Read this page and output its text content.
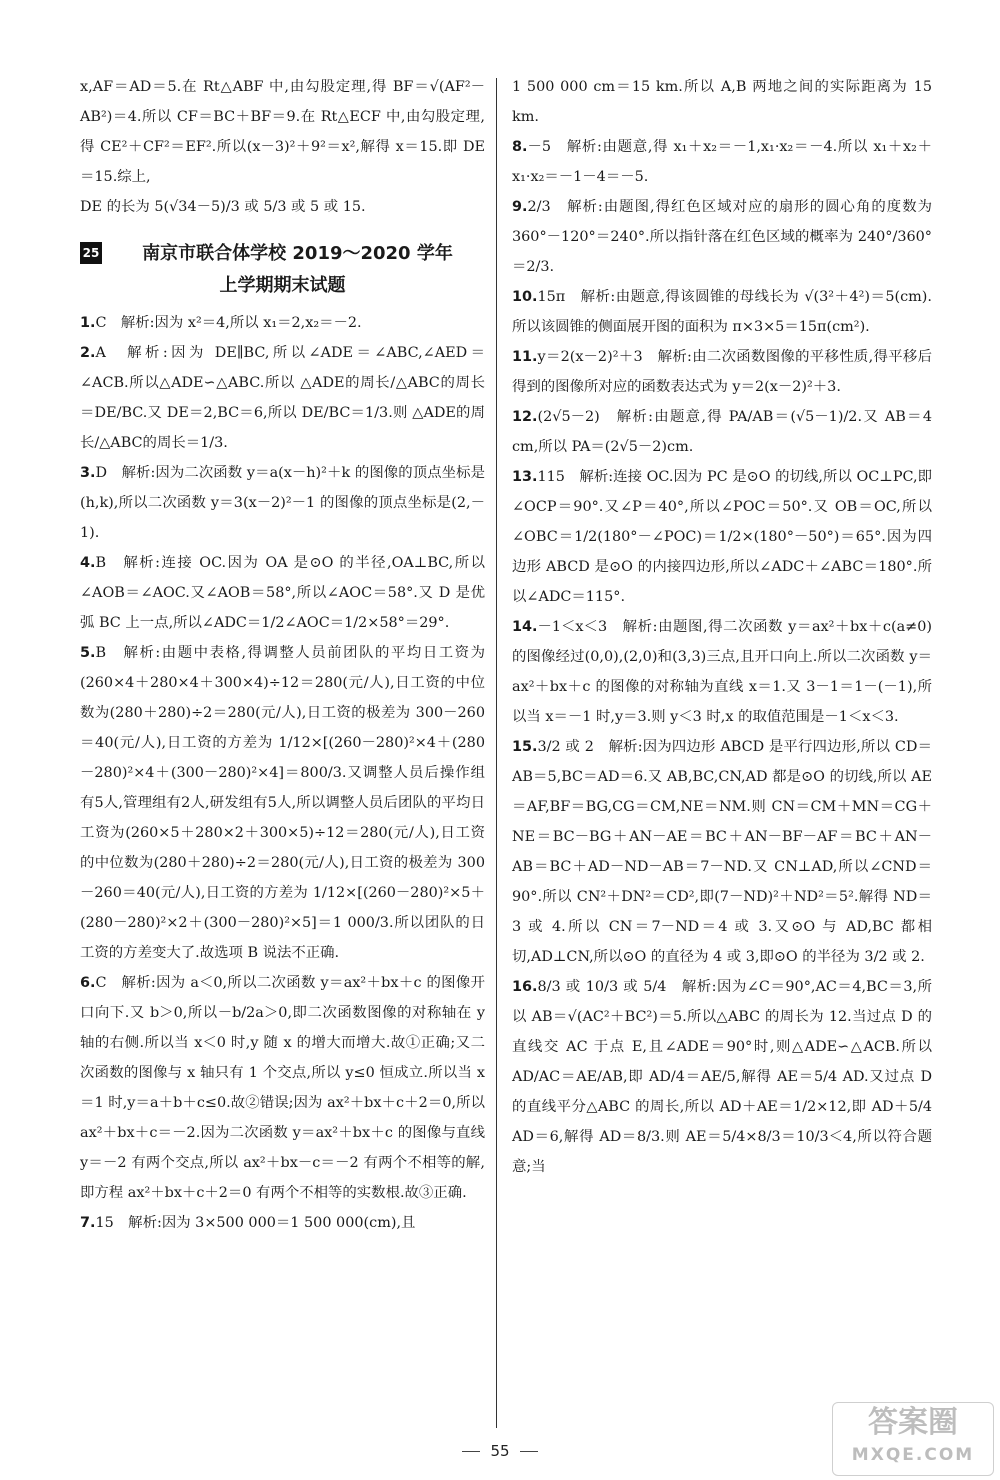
x,AF＝AD＝5.在 Rt△ABF 中,由勾股定理,得 BF＝√(AF²－AB²)＝4.所以 CF＝BC＋BF＝9.在 Rt△ECF 中,由勾股定理,得 CE²＋CF²＝EF².所以(x－3)²＋9²＝x²,解得 x＝15.即 DE＝15.综上,

DE 的长为 5(√34－5)/3 或 5/3 或 5 或 15.

25	南京市联合体学校 2019～2020 学年
上学期期末试题

1.C　解析:因为 x²＝4,所以 x₁＝2,x₂＝－2.

2.A　解析:因为 DE∥BC,所以∠ADE＝∠ABC,∠AED＝∠ACB.所以△ADE∽△ABC.所以 △ADE的周长/△ABC的周长＝DE/BC.又 DE＝2,BC＝6,所以 DE/BC＝1/3.则 △ADE的周长/△ABC的周长＝1/3.

3.D　解析:因为二次函数 y＝a(x－h)²＋k 的图像的顶点坐标是(h,k),所以二次函数 y＝3(x－2)²－1 的图像的顶点坐标是(2,－1).

4.B　解析:连接 OC.因为 OA 是⊙O 的半径,OA⊥BC,所以∠AOB＝∠AOC.又∠AOB＝58°,所以∠AOC＝58°.又 D 是优弧 BC 上一点,所以∠ADC＝1/2∠AOC＝1/2×58°＝29°.

5.B　解析:由题中表格,得调整人员前团队的平均日工资为(260×4＋280×4＋300×4)÷12＝280(元/人),日工资的中位数为(280＋280)÷2＝280(元/人),日工资的极差为 300－260＝40(元/人),日工资的方差为 1/12×[(260－280)²×4＋(280－280)²×4＋(300－280)²×4]＝800/3.又调整人员后操作组有5人,管理组有2人,研发组有5人,所以调整人员后团队的平均日工资为(260×5＋280×2＋300×5)÷12＝280(元/人),日工资的中位数为(280＋280)÷2＝280(元/人),日工资的极差为 300－260＝40(元/人),日工资的方差为 1/12×[(260－280)²×5＋(280－280)²×2＋(300－280)²×5]＝1 000/3.所以团队的日工资的方差变大了.故选项 B 说法不正确.

6.C　解析:因为 a＜0,所以二次函数 y＝ax²＋bx＋c 的图像开口向下.又 b＞0,所以－b/2a＞0,即二次函数图像的对称轴在 y 轴的右侧.所以当 x＜0 时,y 随 x 的增大而增大.故①正确;又二次函数的图像与 x 轴只有 1 个交点,所以 y≤0 恒成立.所以当 x＝1 时,y＝a＋b＋c≤0.故②错误;因为 ax²＋bx＋c＋2＝0,所以 ax²＋bx＋c＝－2.因为二次函数 y＝ax²＋bx＋c 的图像与直线 y＝－2 有两个交点,所以 ax²＋bx－c＝－2 有两个不相等的解,即方程 ax²＋bx＋c＋2＝0 有两个不相等的实数根.故③正确.

7.15　解析:因为 3×500 000＝1 500 000(cm),且

1 500 000 cm＝15 km.所以 A,B 两地之间的实际距离为 15 km.

8.－5　解析:由题意,得 x₁＋x₂＝－1,x₁·x₂＝－4.所以 x₁＋x₂＋x₁·x₂＝－1－4＝－5.

9.2/3　解析:由题图,得红色区域对应的扇形的圆心角的度数为 360°－120°＝240°.所以指针落在红色区域的概率为 240°/360°＝2/3.

10.15π　解析:由题意,得该圆锥的母线长为 √(3²＋4²)＝5(cm).所以该圆锥的侧面展开图的面积为 π×3×5＝15π(cm²).

11.y＝2(x－2)²＋3　解析:由二次函数图像的平移性质,得平移后得到的图像所对应的函数表达式为 y＝2(x－2)²＋3.

12.(2√5－2)　解析:由题意,得 PA/AB＝(√5－1)/2.又 AB＝4 cm,所以 PA＝(2√5－2)cm.

13.115　解析:连接 OC.因为 PC 是⊙O 的切线,所以 OC⊥PC,即∠OCP＝90°.又∠P＝40°,所以∠POC＝50°.又 OB＝OC,所以∠OBC＝1/2(180°－∠POC)＝1/2×(180°－50°)＝65°.因为四边形 ABCD 是⊙O 的内接四边形,所以∠ADC＋∠ABC＝180°.所以∠ADC＝115°.

14.－1＜x＜3　解析:由题图,得二次函数 y＝ax²＋bx＋c(a≠0)的图像经过(0,0),(2,0)和(3,3)三点,且开口向上.所以二次函数 y＝ax²＋bx＋c 的图像的对称轴为直线 x＝1.又 3－1＝1－(－1),所以当 x＝－1 时,y＝3.则 y＜3 时,x 的取值范围是－1＜x＜3.

15.3/2 或 2　解析:因为四边形 ABCD 是平行四边形,所以 CD＝AB＝5,BC＝AD＝6.又 AB,BC,CN,AD 都是⊙O 的切线,所以 AE＝AF,BF＝BG,CG＝CM,NE＝NM.则 CN＝CM＋MN＝CG＋NE＝BC－BG＋AN－AE＝BC＋AN－BF－AF＝BC＋AN－AB＝BC＋AD－ND－AB＝7－ND.又 CN⊥AD,所以∠CND＝90°.所以 CN²＋DN²＝CD²,即(7－ND)²＋ND²＝5².解得 ND＝3 或 4.所以 CN＝7－ND＝4 或 3.又⊙O 与 AD,BC 都相切,AD⊥CN,所以⊙O 的直径为 4 或 3,即⊙O 的半径为 3/2 或 2.

16.8/3 或 10/3 或 5/4　解析:因为∠C＝90°,AC＝4,BC＝3,所以 AB＝√(AC²＋BC²)＝5.所以△ABC 的周长为 12.当过点 D 的直线交 AC 于点 E,且∠ADE＝90°时,则△ADE∽△ACB.所以 AD/AC＝AE/AB,即 AD/4＝AE/5,解得 AE＝5/4 AD.又过点 D 的直线平分△ABC 的周长,所以 AD＋AE＝1/2×12,即 AD＋5/4 AD＝6,解得 AD＝8/3.则 AE＝5/4×8/3＝10/3＜4,所以符合题意;当

55
答案圈
MXQE.COM
